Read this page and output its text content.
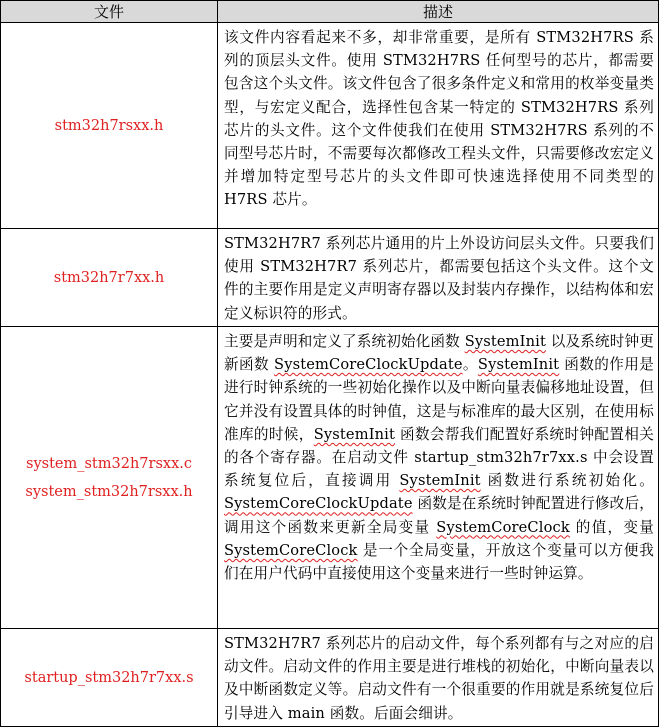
文件	描述

stm32h7rsxx.h	该文件内容看起来不多，却非常重要，是所有 STM32H7RS 系列的顶层头文件。使用 STM32H7RS 任何型号的芯片，都需要包含这个头文件。该文件包含了很多条件定义和常用的枚举变量类型，与宏定义配合，选择性包含某一特定的 STM32H7RS 系列芯片的头文件。这个文件使我们在使用 STM32H7RS 系列的不同型号芯片时，不需要每次都修改工程头文件，只需要修改宏定义并增加特定型号芯片的头文件即可快速选择使用不同类型的 H7RS 芯片。

stm32h7r7xx.h	STM32H7R7 系列芯片通用的片上外设访问层头文件。只要我们使用 STM32H7R7 系列芯片，都需要包括这个头文件。这个文件的主要作用是定义声明寄存器以及封装内存操作，以结构体和宏定义标识符的形式。

system_stm32h7rsxx.c
system_stm32h7rsxx.h	主要是声明和定义了系统初始化函数 SystemInit 以及系统时钟更新函数 SystemCoreClockUpdate。SystemInit 函数的作用是进行时钟系统的一些初始化操作以及中断向量表偏移地址设置，但它并没有设置具体的时钟值，这是与标准库的最大区别，在使用标准库的时候，SystemInit 函数会帮我们配置好系统时钟配置相关的各个寄存器。在启动文件 startup_stm32h7r7xx.s 中会设置系统复位后，直接调用 SystemInit 函数进行系统初始化。SystemCoreClockUpdate 函数是在系统时钟配置进行修改后，调用这个函数来更新全局变量 SystemCoreClock 的值，变量 SystemCoreClock 是一个全局变量，开放这个变量可以方便我们在用户代码中直接使用这个变量来进行一些时钟运算。

startup_stm32h7r7xx.s	STM32H7R7 系列芯片的启动文件，每个系列都有与之对应的启动文件。启动文件的作用主要是进行堆栈的初始化，中断向量表以及中断函数定义等。启动文件有一个很重要的作用就是系统复位后引导进入 main 函数。后面会细讲。
